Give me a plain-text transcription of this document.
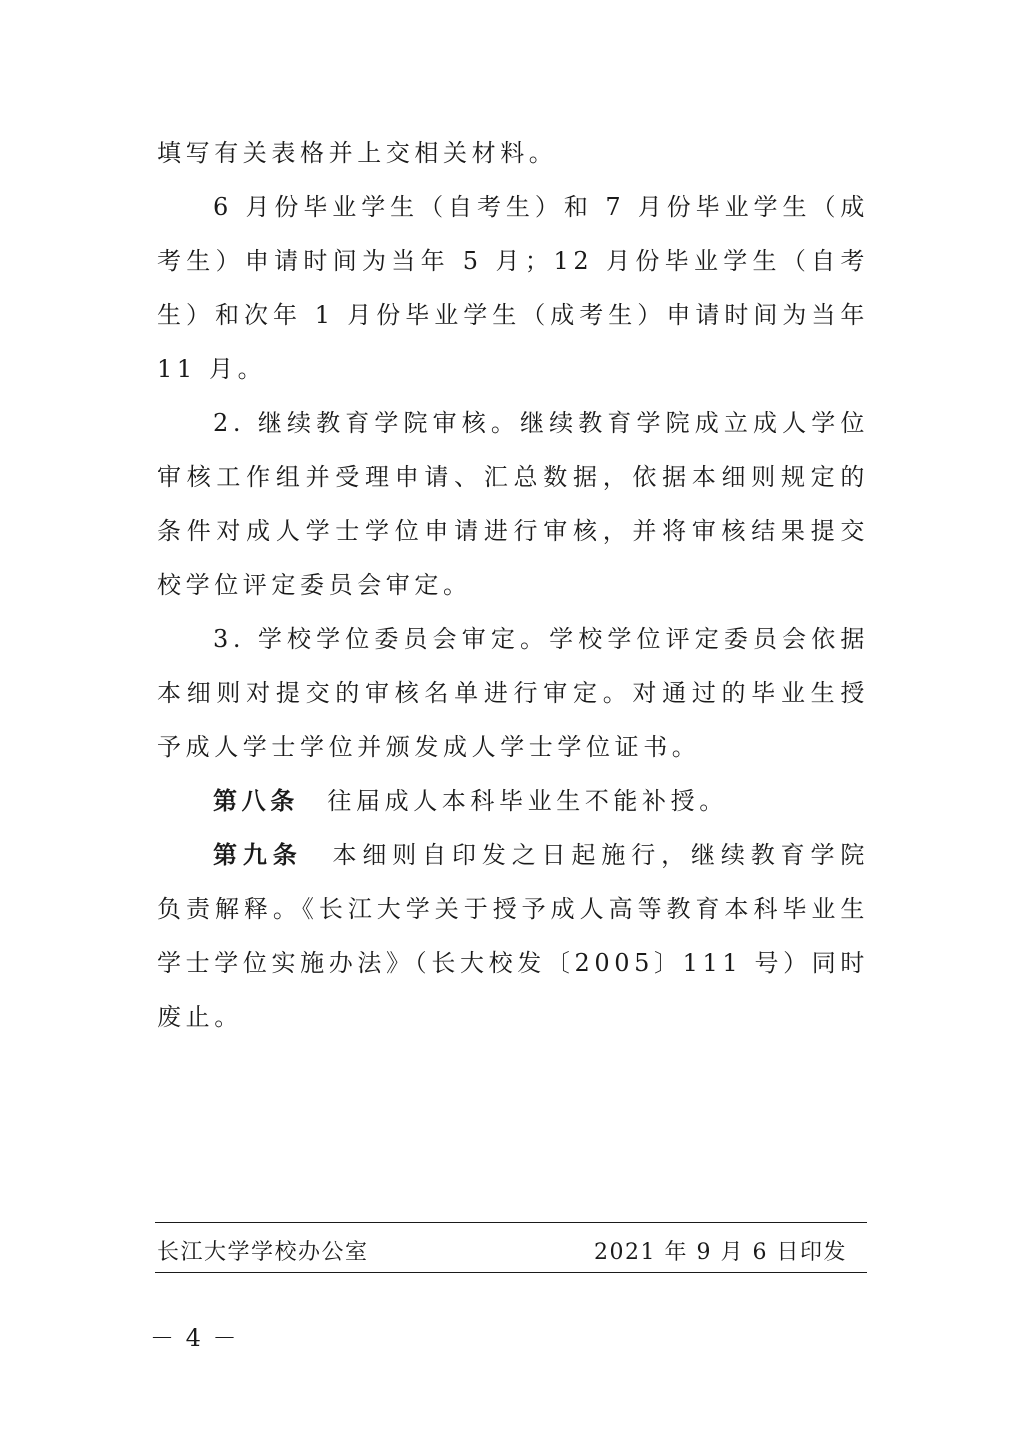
填写有关表格并上交相关材料。

6 月份毕业学生（自考生）和 7 月份毕业学生（成考生）申请时间为当年 5 月；12 月份毕业学生（自考生）和次年 1 月份毕业学生（成考生）申请时间为当年 11 月。

2. 继续教育学院审核。继续教育学院成立成人学位审核工作组并受理申请、汇总数据，依据本细则规定的条件对成人学士学位申请进行审核，并将审核结果提交校学位评定委员会审定。

3. 学校学位委员会审定。学校学位评定委员会依据本细则对提交的审核名单进行审定。对通过的毕业生授予成人学士学位并颁发成人学士学位证书。

第八条  往届成人本科毕业生不能补授。

第九条  本细则自印发之日起施行，继续教育学院负责解释。《长江大学关于授予成人高等教育本科毕业生学士学位实施办法》（长大校发〔2005〕111 号）同时废止。

长江大学学校办公室	2021 年 9 月 6 日印发
－ 4 －
